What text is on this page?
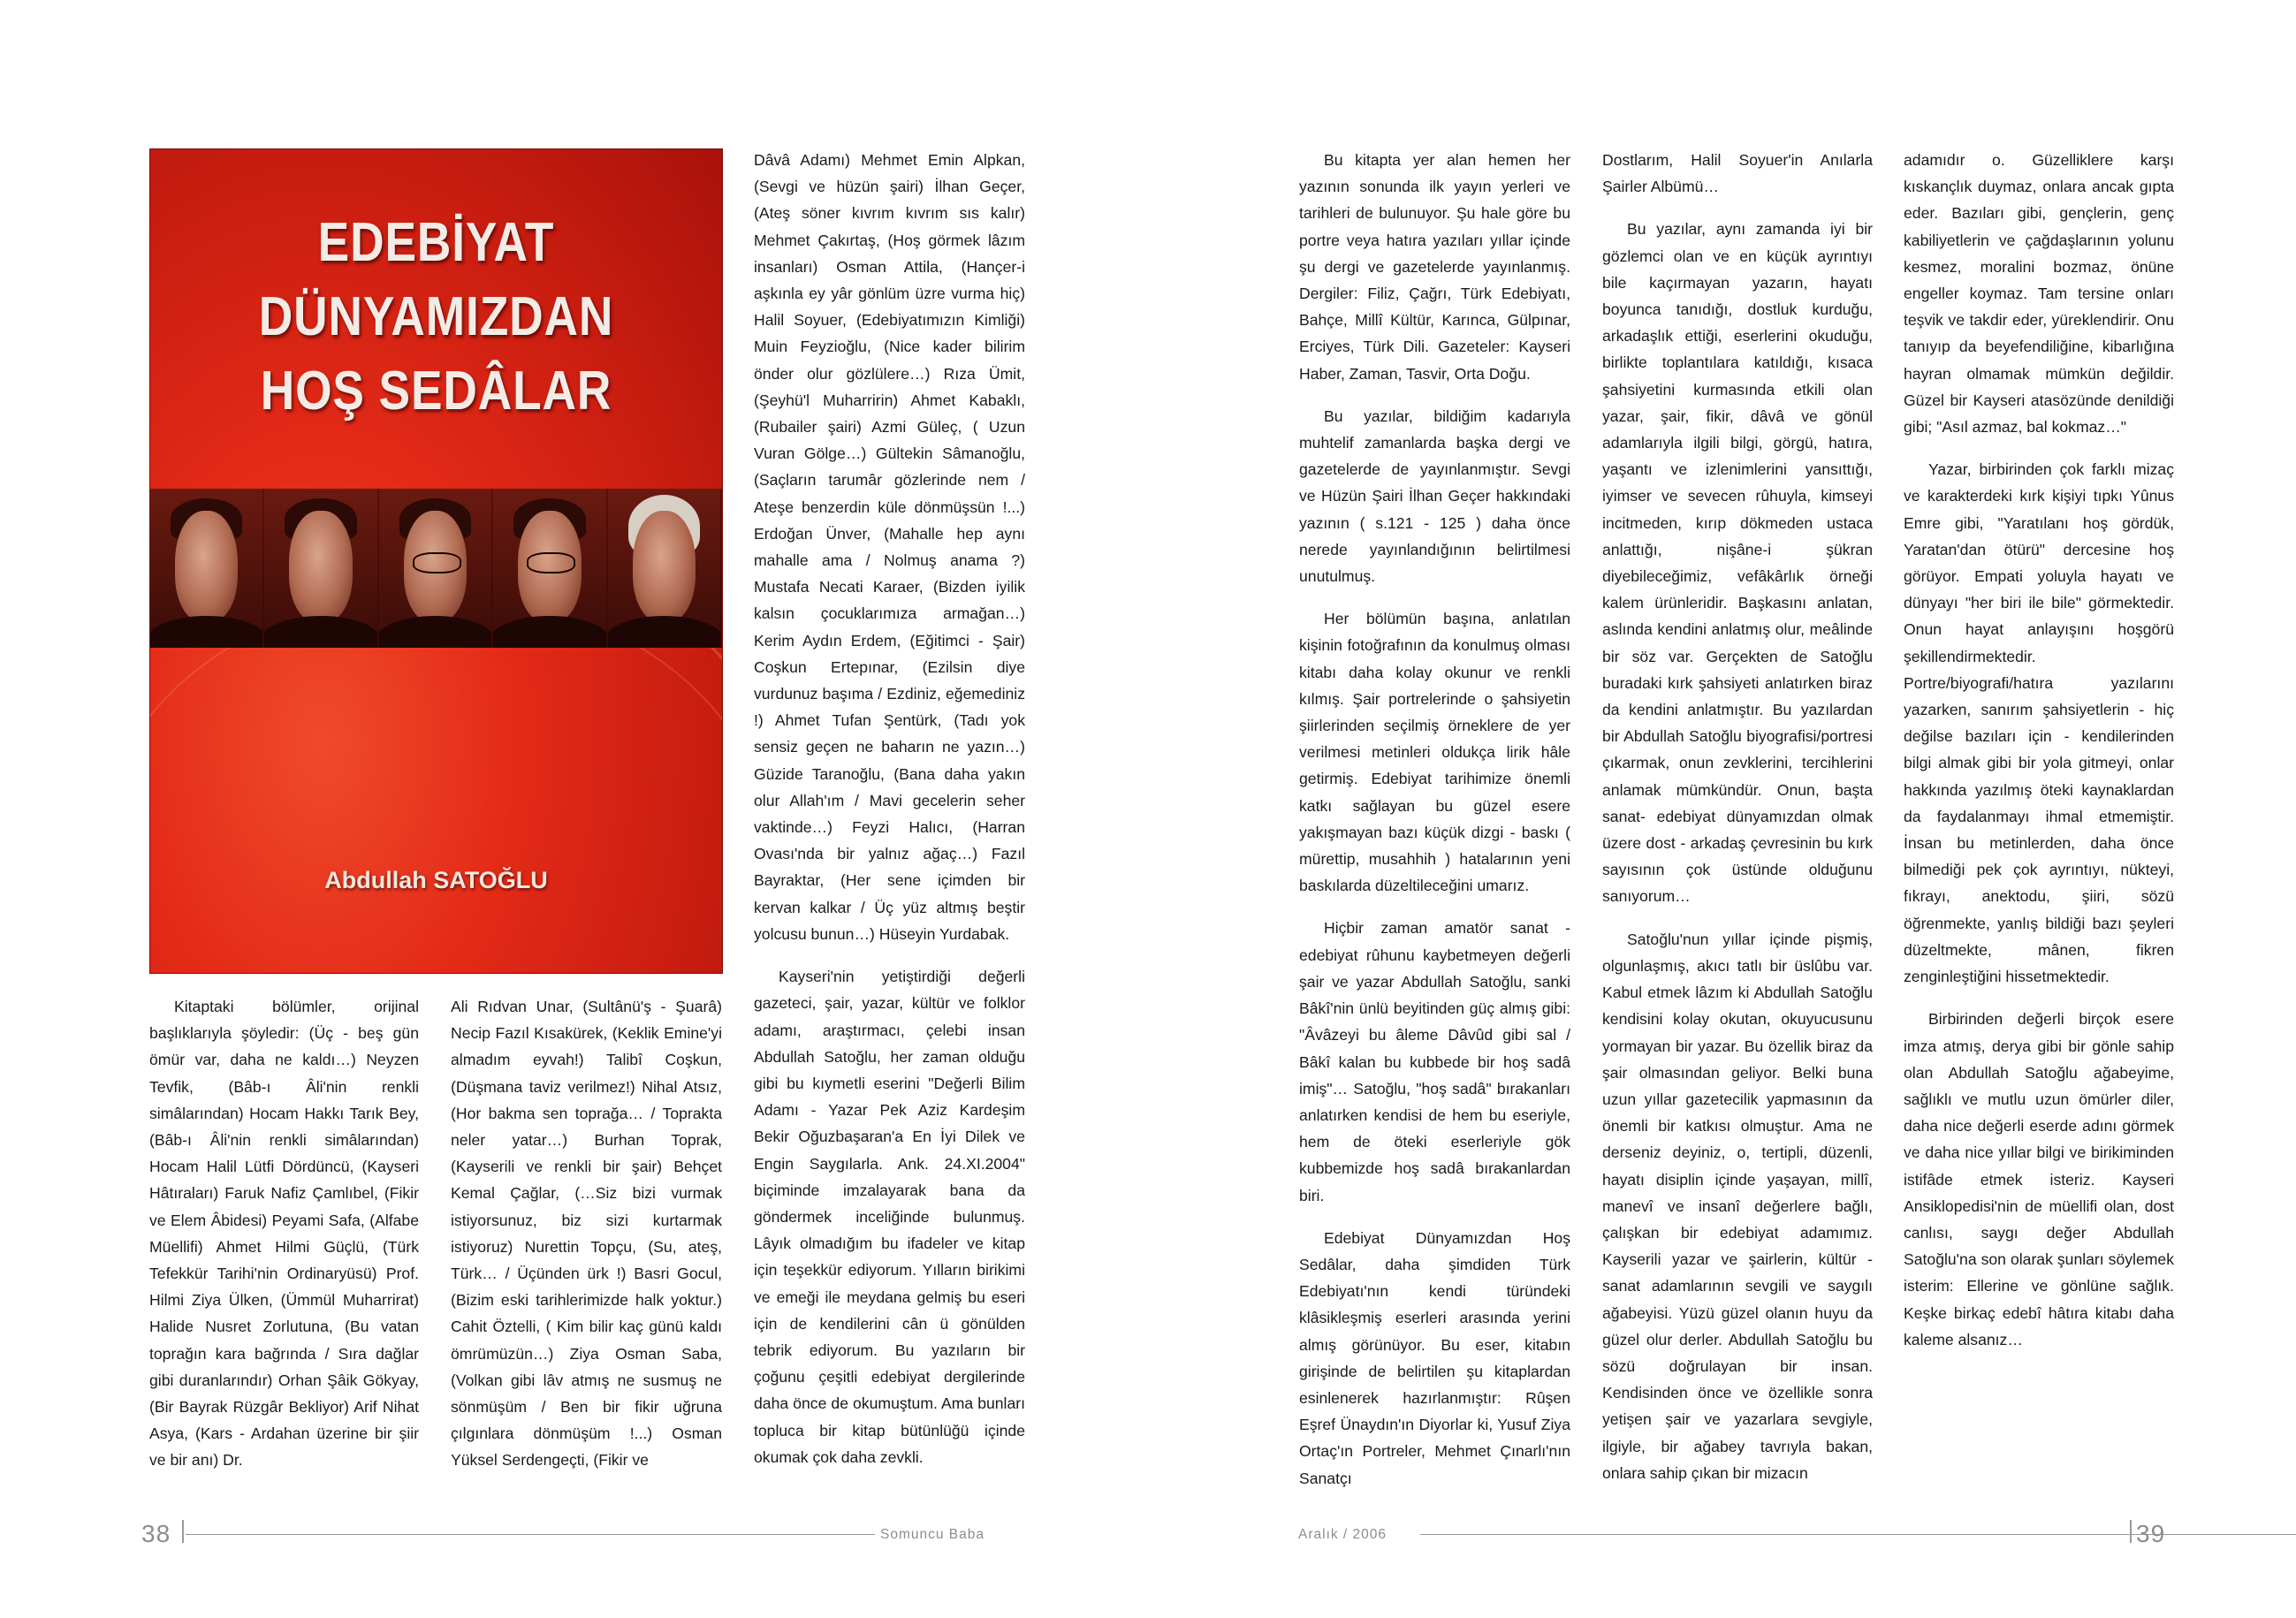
EDEBİYAT
DÜNYAMIZDAN
HOŞ SEDÂLAR
Abdullah SATOĞLU

Kitaptaki bölümler, orijinal başlıklarıyla şöyledir: (Üç - beş gün ömür var, daha ne kaldı…) Neyzen Tevfik, (Bâb-ı Âli'nin renkli simâlarından) Hocam Hakkı Tarık Bey, (Bâb-ı Âli'nin renkli simâlarından) Hocam Halil Lütfi Dördüncü, (Kayseri Hâtıraları) Faruk Nafiz Çamlıbel, (Fikir ve Elem Âbidesi) Peyami Safa, (Alfabe Müellifi) Ahmet Hilmi Güçlü, (Türk Tefekkür Tarihi'nin Ordinaryüsü) Prof. Hilmi Ziya Ülken, (Ümmül Muharrirat) Halide Nusret Zorlutuna, (Bu vatan toprağın kara bağrında / Sıra dağlar gibi duranlarındır) Orhan Şâik Gökyay, (Bir Bayrak Rüzgâr Bekliyor) Arif Nihat Asya, (Kars - Ardahan üzerine bir şiir ve bir anı) Dr.

Ali Rıdvan Unar, (Sultânü'ş - Şuarâ) Necip Fazıl Kısakürek, (Keklik Emine'yi almadım eyvah!) Talibî Coşkun, (Düşmana taviz verilmez!) Nihal Atsız, (Hor bakma sen toprağa… / Toprakta neler yatar…) Burhan Toprak, (Kayserili ve renkli bir şair) Behçet Kemal Çağlar, (…Siz bizi vurmak istiyorsunuz, biz sizi kurtarmak istiyoruz) Nurettin Topçu, (Su, ateş, Türk… / Üçünden ürk !) Basri Gocul, (Bizim eski tarihlerimizde halk yoktur.) Cahit Öztelli, ( Kim bilir kaç günü kaldı ömrümüzün…) Ziya Osman Saba, (Volkan gibi lâv atmış ne susmuş ne sönmüşüm / Ben bir fikir uğruna çılgınlara dönmüşüm !...) Osman Yüksel Serdengeçti, (Fikir ve

Dâvâ Adamı) Mehmet Emin Alpkan, (Sevgi ve hüzün şairi) İlhan Geçer, (Ateş söner kıvrım kıvrım sıs kalır) Mehmet Çakırtaş, (Hoş görmek lâzım insanları) Osman Attila, (Hançer-i aşkınla ey yâr gönlüm üzre vurma hiç) Halil Soyuer, (Edebiyatımızın Kimliği) Muin Feyzioğlu, (Nice kader bilirim önder olur gözlülere…) Rıza Ümit, (Şeyhü'l Muharririn) Ahmet Kabaklı, (Rubailer şairi) Azmi Güleç, ( Uzun Vuran Gölge…) Gültekin Sâmanoğlu, (Saçların tarumâr gözlerinde nem / Ateşe benzerdin küle dönmüşsün !...) Erdoğan Ünver, (Mahalle hep aynı mahalle ama / Nolmuş anama ?) Mustafa Necati Karaer, (Bizden iyilik kalsın çocuklarımıza armağan…) Kerim Aydın Erdem, (Eğitimci - Şair) Coşkun Ertepınar, (Ezilsin diye vurdunuz başıma / Ezdiniz, eğemediniz !) Ahmet Tufan Şentürk, (Tadı yok sensiz geçen ne baharın ne yazın…) Güzide Taranoğlu, (Bana daha yakın olur Allah'ım / Mavi gecelerin seher vaktinde…) Feyzi Halıcı, (Harran Ovası'nda bir yalnız ağaç…) Fazıl Bayraktar, (Her sene içimden bir kervan kalkar / Üç yüz altmış beştir yolcusu bunun…) Hüseyin Yurdabak.

Kayseri'nin yetiştirdiği değerli gazeteci, şair, yazar, kültür ve folklor adamı, araştırmacı, çelebi insan Abdullah Satoğlu, her zaman olduğu gibi bu kıymetli eserini "Değerli Bilim Adamı - Yazar Pek Aziz Kardeşim Bekir Oğuzbaşaran'a En İyi Dilek ve Engin Saygılarla. Ank. 24.XI.2004" biçiminde imzalayarak bana da göndermek inceliğinde bulunmuş. Lâyık olmadığım bu ifadeler ve kitap için teşekkür ediyorum. Yılların birikimi ve emeği ile meydana gelmiş bu eseri için de kendilerini cân ü gönülden tebrik ediyorum. Bu yazıların bir çoğunu çeşitli edebiyat dergilerinde daha önce de okumuştum. Ama bunları topluca bir kitap bütünlüğü içinde okumak çok daha zevkli.

38	Somuncu Baba

Bu kitapta yer alan hemen her yazının sonunda ilk yayın yerleri ve tarihleri de bulunuyor. Şu hale göre bu portre veya hatıra yazıları yıllar içinde şu dergi ve gazetelerde yayınlanmış. Dergiler: Filiz, Çağrı, Türk Edebiyatı, Bahçe, Millî Kültür, Karınca, Gülpınar, Erciyes, Türk Dili. Gazeteler: Kayseri Haber, Zaman, Tasvir, Orta Doğu.

Bu yazılar, bildiğim kadarıyla muhtelif zamanlarda başka dergi ve gazetelerde de yayınlanmıştır. Sevgi ve Hüzün Şairi İlhan Geçer hakkındaki yazının ( s.121 - 125 ) daha önce nerede yayınlandığının belirtilmesi unutulmuş.

Her bölümün başına, anlatılan kişinin fotoğrafının da konulmuş olması kitabı daha kolay okunur ve renkli kılmış. Şair portrelerinde o şahsiyetin şiirlerinden seçilmiş örneklere de yer verilmesi metinleri oldukça lirik hâle getirmiş. Edebiyat tarihimize önemli katkı sağlayan bu güzel esere yakışmayan bazı küçük dizgi - baskı ( mürettip, musahhih ) hatalarının yeni baskılarda düzeltileceğini umarız.

Hiçbir zaman amatör sanat - edebiyat rûhunu kaybetmeyen değerli şair ve yazar Abdullah Satoğlu, sanki Bâkî'nin ünlü beyitinden güç almış gibi: "Âvâzeyi bu âleme Dâvûd gibi sal / Bâkî kalan bu kubbede bir hoş sadâ imiş"… Satoğlu, "hoş sadâ" bırakanları anlatırken kendisi de hem bu eseriyle, hem de öteki eserleriyle gök kubbemizde hoş sadâ bırakanlardan biri.

Edebiyat Dünyamızdan Hoş Sedâlar, daha şimdiden Türk Edebiyatı'nın kendi türündeki klâsikleşmiş eserleri arasında yerini almış görünüyor. Bu eser, kitabın girişinde de belirtilen şu kitaplardan esinlenerek hazırlanmıştır: Rûşen Eşref Ünaydın'ın Diyorlar ki, Yusuf Ziya Ortaç'ın Portreler, Mehmet Çınarlı'nın Sanatçı

Dostlarım, Halil Soyuer'in Anılarla Şairler Albümü…

Bu yazılar, aynı zamanda iyi bir gözlemci olan ve en küçük ayrıntıyı bile kaçırmayan yazarın, hayatı boyunca tanıdığı, dostluk kurduğu, arkadaşlık ettiği, eserlerini okuduğu, birlikte toplantılara katıldığı, kısaca şahsiyetini kurmasında etkili olan yazar, şair, fikir, dâvâ ve gönül adamlarıyla ilgili bilgi, görgü, hatıra, yaşantı ve izlenimlerini yansıttığı, iyimser ve sevecen rûhuyla, kimseyi incitmeden, kırıp dökmeden ustaca anlattığı, nişâne-i şükran diyebileceğimiz, vefâkârlık örneği kalem ürünleridir. Başkasını anlatan, aslında kendini anlatmış olur, meâlinde bir söz var. Gerçekten de Satoğlu buradaki kırk şahsiyeti anlatırken biraz da kendini anlatmıştır. Bu yazılardan bir Abdullah Satoğlu biyografisi/portresi çıkarmak, onun zevklerini, tercihlerini anlamak mümkündür. Onun, başta sanat- edebiyat dünyamızdan olmak üzere dost - arkadaş çevresinin bu kırk sayısının çok üstünde olduğunu sanıyorum…

Satoğlu'nun yıllar içinde pişmiş, olgunlaşmış, akıcı tatlı bir üslûbu var. Kabul etmek lâzım ki Abdullah Satoğlu kendisini kolay okutan, okuyucusunu yormayan bir yazar. Bu özellik biraz da şair olmasından geliyor. Belki buna uzun yıllar gazetecilik yapmasının da önemli bir katkısı olmuştur. Ama ne derseniz deyiniz, o, tertipli, düzenli, hayatı disiplin içinde yaşayan, millî, manevî ve insanî değerlere bağlı, çalışkan bir edebiyat adamımız. Kayserili yazar ve şairlerin, kültür - sanat adamlarının sevgili ve saygılı ağabeyisi. Yüzü güzel olanın huyu da güzel olur derler. Abdullah Satoğlu bu sözü doğrulayan bir insan. Kendisinden önce ve özellikle sonra yetişen şair ve yazarlara sevgiyle, ilgiyle, bir ağabey tavrıyla bakan, onlara sahip çıkan bir mizacın

adamıdır o. Güzelliklere karşı kıskançlık duymaz, onlara ancak gıpta eder. Bazıları gibi, gençlerin, genç kabiliyetlerin ve çağdaşlarının yolunu kesmez, moralini bozmaz, önüne engeller koymaz. Tam tersine onları teşvik ve takdir eder, yüreklendirir. Onu tanıyıp da beyefendiliğine, kibarlığına hayran olmamak mümkün değildir. Güzel bir Kayseri atasözünde denildiği gibi; "Asıl azmaz, bal kokmaz…"

Yazar, birbirinden çok farklı mizaç ve karakterdeki kırk kişiyi tıpkı Yûnus Emre gibi, "Yaratılanı hoş gördük, Yaratan'dan ötürü" dercesine hoş görüyor. Empati yoluyla hayatı ve dünyayı "her biri ile bile" görmektedir. Onun hayat anlayışını hoşgörü şekillendirmektedir. Portre/biyografi/hatıra yazılarını yazarken, sanırım şahsiyetlerin - hiç değilse bazıları için - kendilerinden bilgi almak gibi bir yola gitmeyi, onlar hakkında yazılmış öteki kaynaklardan da faydalanmayı ihmal etmemiştir. İnsan bu metinlerden, daha önce bilmediği pek çok ayrıntıyı, nükteyi, fıkrayı, anektodu, şiiri, sözü öğrenmekte, yanlış bildiği bazı şeyleri düzeltmekte, mânen, fikren zenginleştiğini hissetmektedir.

Birbirinden değerli birçok esere imza atmış, derya gibi bir gönle sahip olan Abdullah Satoğlu ağabeyime, sağlıklı ve mutlu uzun ömürler diler, daha nice değerli eserde adını görmek ve daha nice yıllar bilgi ve birikiminden istifâde etmek isteriz. Kayseri Ansiklopedisi'nin de müellifi olan, dost canlısı, saygı değer Abdullah Satoğlu'na son olarak şunları söylemek isterim: Ellerine ve gönlüne sağlık. Keşke birkaç edebî hâtıra kitabı daha kaleme alsanız…

Aralık / 2006	39
